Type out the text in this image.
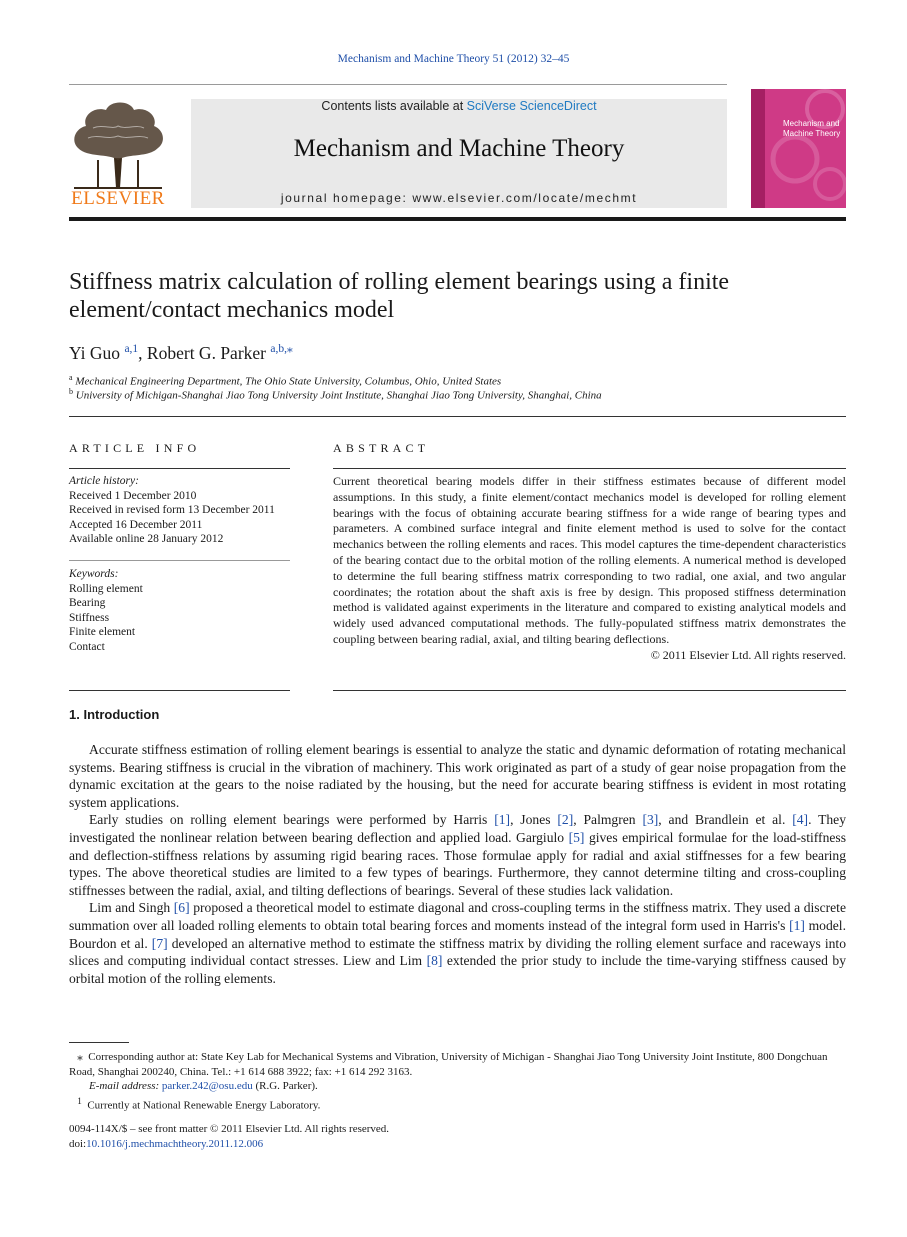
Mechanism and Machine Theory 51 (2012) 32–45
ELSEVIER
Contents lists available at SciVerse ScienceDirect
Mechanism and Machine Theory
journal homepage: www.elsevier.com/locate/mechmt
Mechanism and Machine Theory
Stiffness matrix calculation of rolling element bearings using a finite element/contact mechanics model
Yi Guo $^{a,1}$, Robert G. Parker $^{a,b,⁎}$
$^a$ Mechanical Engineering Department, The Ohio State University, Columbus, Ohio, United States
$^b$ University of Michigan-Shanghai Jiao Tong University Joint Institute, Shanghai Jiao Tong University, Shanghai, China
ARTICLE INFO
Article history:
Received 1 December 2010
Received in revised form 13 December 2011
Accepted 16 December 2011
Available online 28 January 2012
Keywords:
Rolling element
Bearing
Stiffness
Finite element
Contact
ABSTRACT
Current theoretical bearing models differ in their stiffness estimates because of different model assumptions. In this study, a finite element/contact mechanics model is developed for rolling element bearings with the focus of obtaining accurate bearing stiffness for a wide range of bearing types and parameters. A combined surface integral and finite element method is used to solve for the contact mechanics between the rolling elements and races. This model captures the time-dependent characteristics of the bearing contact due to the orbital motion of the rolling elements. A numerical method is developed to determine the full bearing stiffness matrix corresponding to two radial, one axial, and two angular coordinates; the rotation about the shaft axis is free by design. This proposed stiffness determination method is validated against experiments in the literature and compared to existing analytical models and widely used advanced computational methods. The fully-populated stiffness matrix demonstrates the coupling between bearing radial, axial, and tilting bearing deflections.
© 2011 Elsevier Ltd. All rights reserved.
1. Introduction

Accurate stiffness estimation of rolling element bearings is essential to analyze the static and dynamic deformation of rotating mechanical systems. Bearing stiffness is crucial in the vibration of machinery. This work originated as part of a study of gear noise propagation from the dynamic excitation at the gears to the noise radiated by the housing, but the need for accurate bearing stiffness is evident in most rotating system applications.

Early studies on rolling element bearings were performed by Harris [1], Jones [2], Palmgren [3], and Brandlein et al. [4]. They investigated the nonlinear relation between bearing deflection and applied load. Gargiulo [5] gives empirical formulae for the load-stiffness and deflection-stiffness relations by assuming rigid bearing races. Those formulae apply for radial and axial stiffnesses for a few bearing types. The above theoretical studies are limited to a few types of bearings. Furthermore, they cannot determine tilting and cross-coupling stiffnesses between the radial, axial, and tilting deflections of bearings. Several of these studies lack validation.

Lim and Singh [6] proposed a theoretical model to estimate diagonal and cross-coupling terms in the stiffness matrix. They used a discrete summation over all loaded rolling elements to obtain total bearing forces and moments instead of the integral form used in Harris's [1] model. Bourdon et al. [7] developed an alternative method to estimate the stiffness matrix by dividing the rolling element surface and raceways into slices and computing individual contact stresses. Liew and Lim [8] extended the prior study to include the time-varying stiffness caused by orbital motion of the rolling elements.

⁎ Corresponding author at: State Key Lab for Mechanical Systems and Vibration, University of Michigan - Shanghai Jiao Tong University Joint Institute, 800 Dongchuan Road, Shanghai 200240, China. Tel.: +1 614 688 3922; fax: +1 614 292 3163.

E-mail address: parker.242@osu.edu (R.G. Parker).

$^1$ Currently at National Renewable Energy Laboratory.

0094-114X/$ – see front matter © 2011 Elsevier Ltd. All rights reserved.
doi:10.1016/j.mechmachtheory.2011.12.006
